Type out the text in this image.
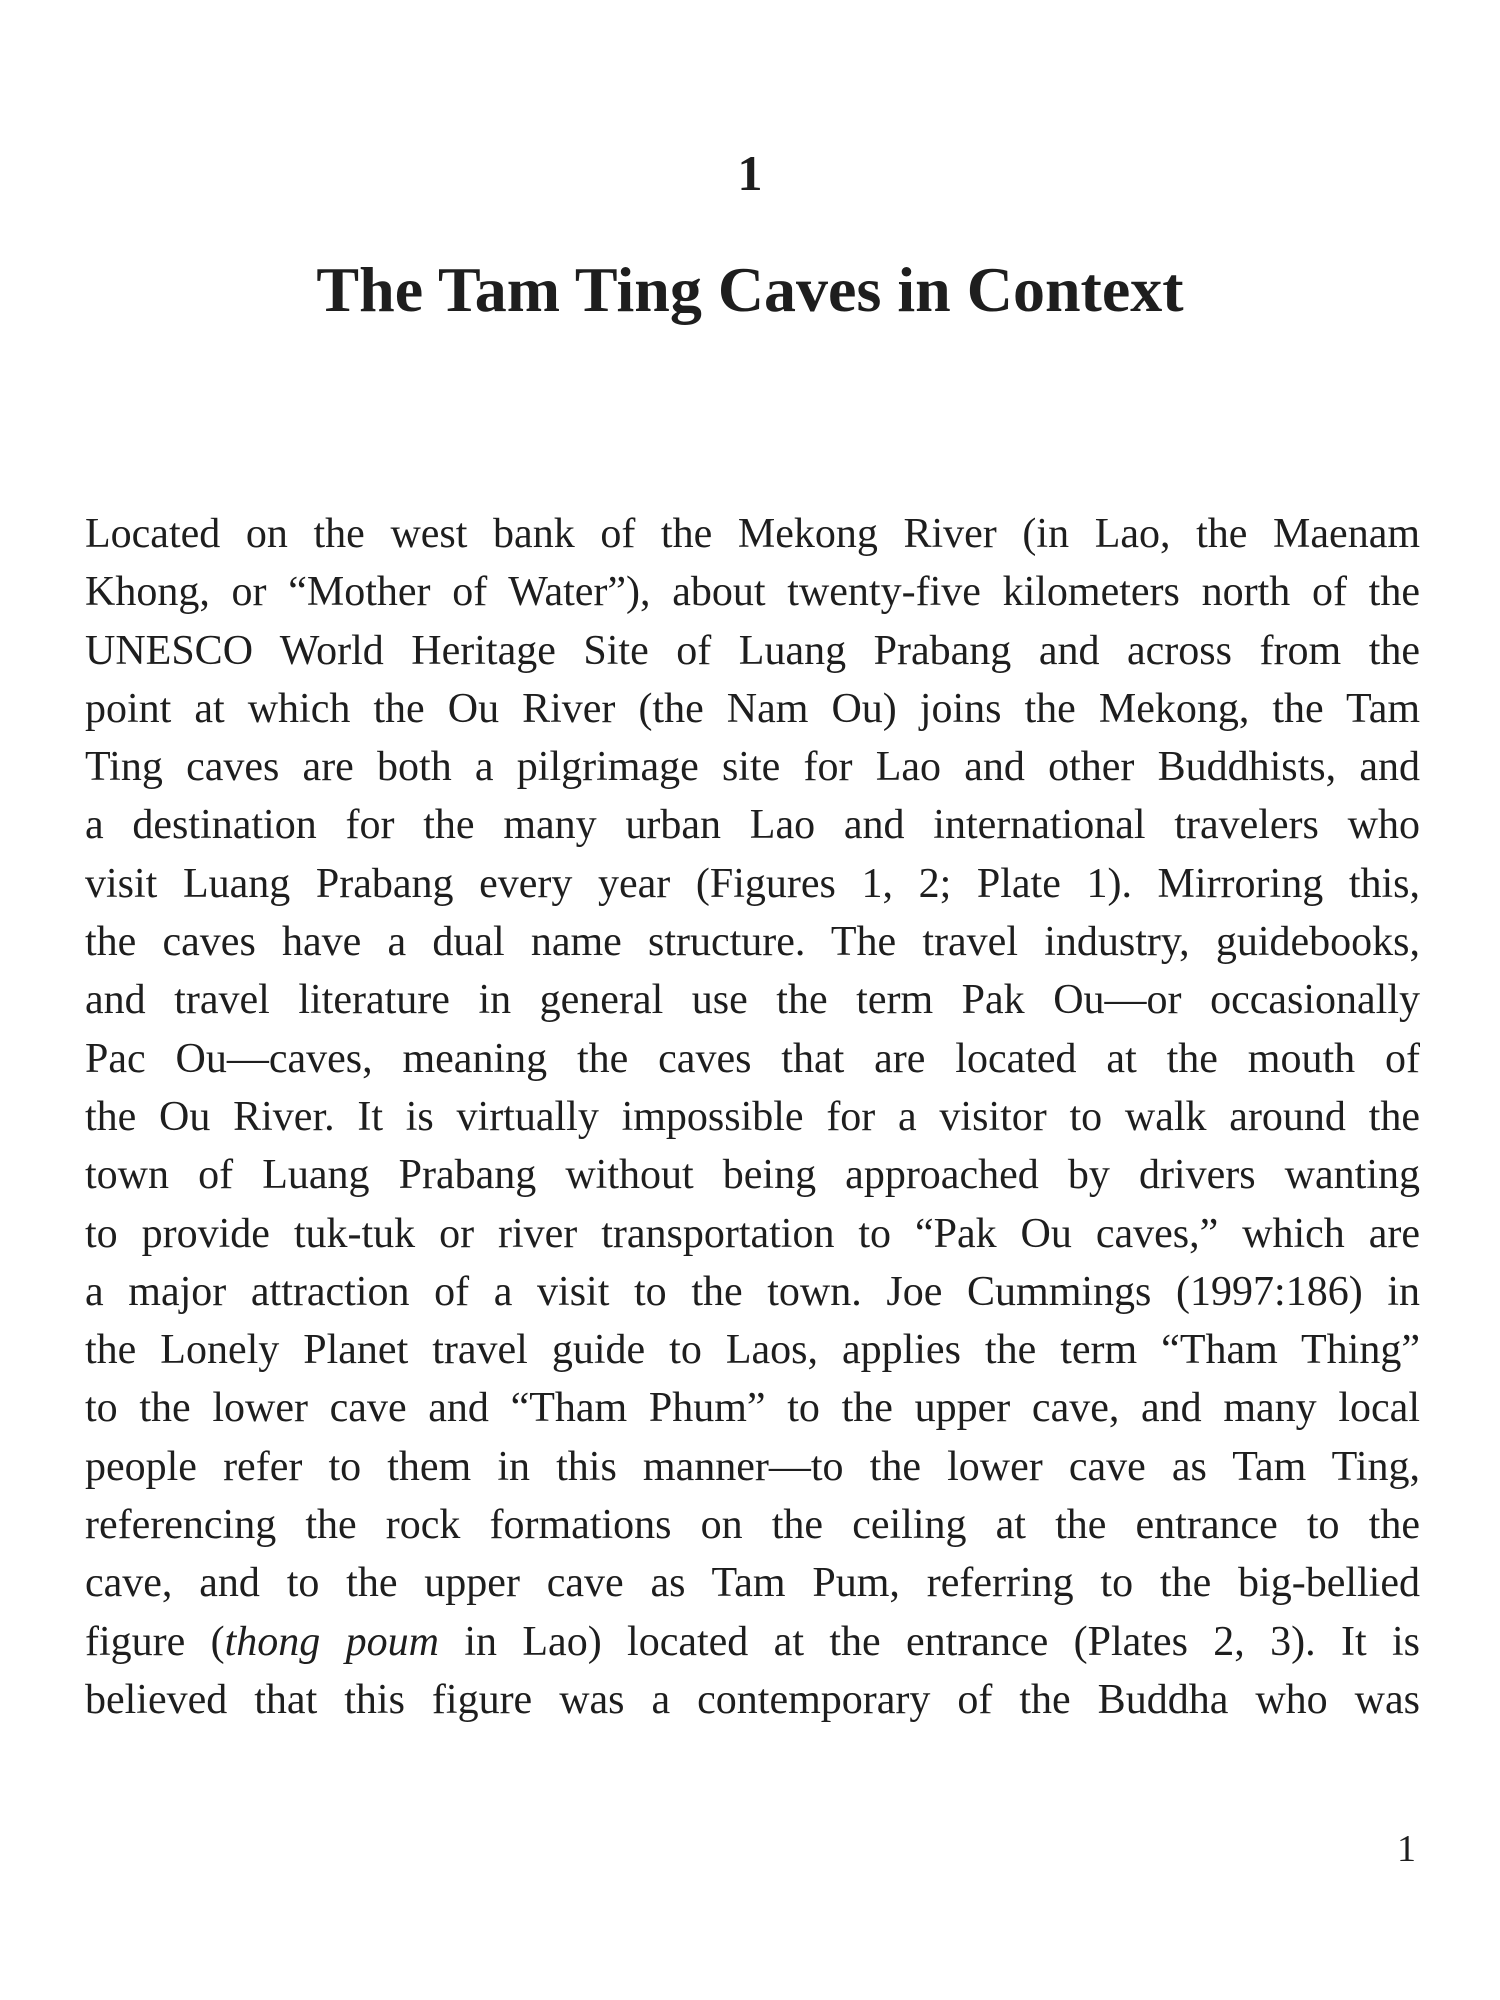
1
The Tam Ting Caves in Context
Located on the west bank of the Mekong River (in Lao, the Maenam
Khong, or “Mother of Water”), about twenty-five kilometers north of the
UNESCO World Heritage Site of Luang Prabang and across from the
point at which the Ou River (the Nam Ou) joins the Mekong, the Tam
Ting caves are both a pilgrimage site for Lao and other Buddhists, and
a destination for the many urban Lao and international travelers who
visit Luang Prabang every year (Figures 1, 2; Plate 1). Mirroring this,
the caves have a dual name structure. The travel industry, guidebooks,
and travel literature in general use the term Pak Ou—or occasionally
Pac Ou—caves, meaning the caves that are located at the mouth of
the Ou River. It is virtually impossible for a visitor to walk around the
town of Luang Prabang without being approached by drivers wanting
to provide tuk-tuk or river transportation to “Pak Ou caves,” which are
a major attraction of a visit to the town. Joe Cummings (1997:186) in
the Lonely Planet travel guide to Laos, applies the term “Tham Thing”
to the lower cave and “Tham Phum” to the upper cave, and many local
people refer to them in this manner—to the lower cave as Tam Ting,
referencing the rock formations on the ceiling at the entrance to the
cave, and to the upper cave as Tam Pum, referring to the big-bellied
figure (thong poum in Lao) located at the entrance (Plates 2, 3). It is
believed that this figure was a contemporary of the Buddha who was
1
